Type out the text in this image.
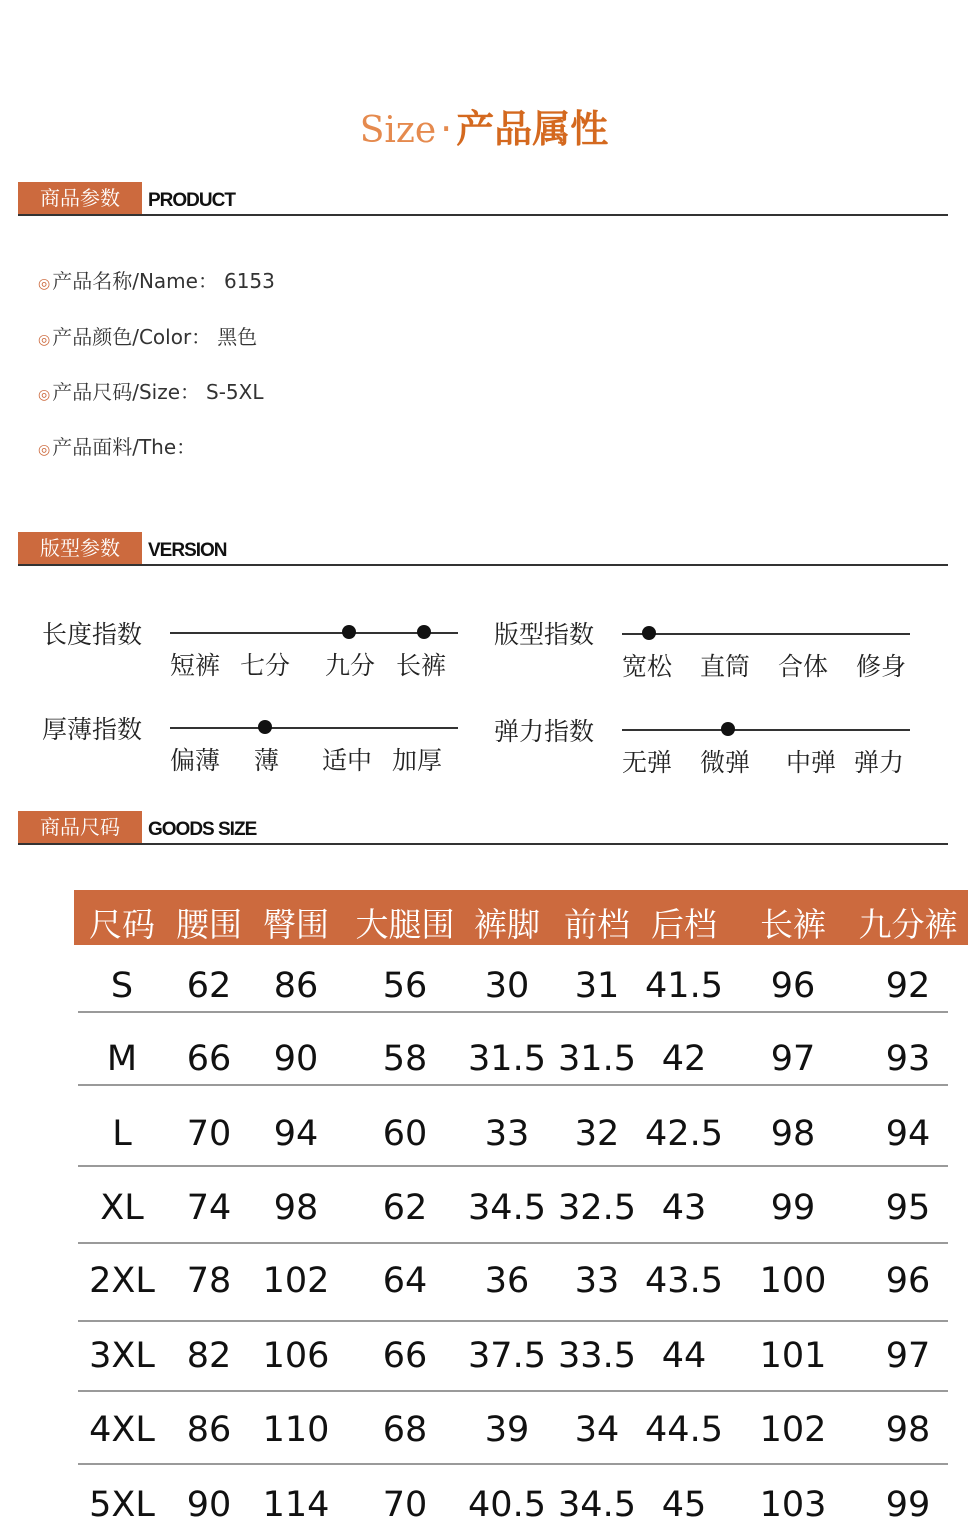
Size · 产品属性
商品参数	PRODUCT
◎ 产品名称/Name： 6153
◎ 产品颜色/Color： 黑色
◎ 产品尺码/Size： S-5XL
◎ 产品面料/The：
版型参数	VERSION
长度指数
短裤 七分 九分 长裤
版型指数
宽松 直筒 合体 修身
厚薄指数
偏薄 薄 适中 加厚
弹力指数
无弹 微弹 中弹 弹力
商品尺码	GOODS SIZE
尺码 腰围 臀围 大腿围 裤脚 前档 后档	长裤 九分裤
S	62	86	56	30	31 41.5	96	92
M	66	90	58	31.5 31.5 42	97	93
L	70	94	60	33	32 42.5	98	94
XL	74	98	62	34.5 32.5 43	99	95
2XL 78 102	64	36	33 43.5	100	96
3XL 82 106	66	37.5 33.5 44	101	97
4XL 86 110	68	39	34 44.5	102	98
5XL 90 114	70	40.5 34.5 45	103	99
